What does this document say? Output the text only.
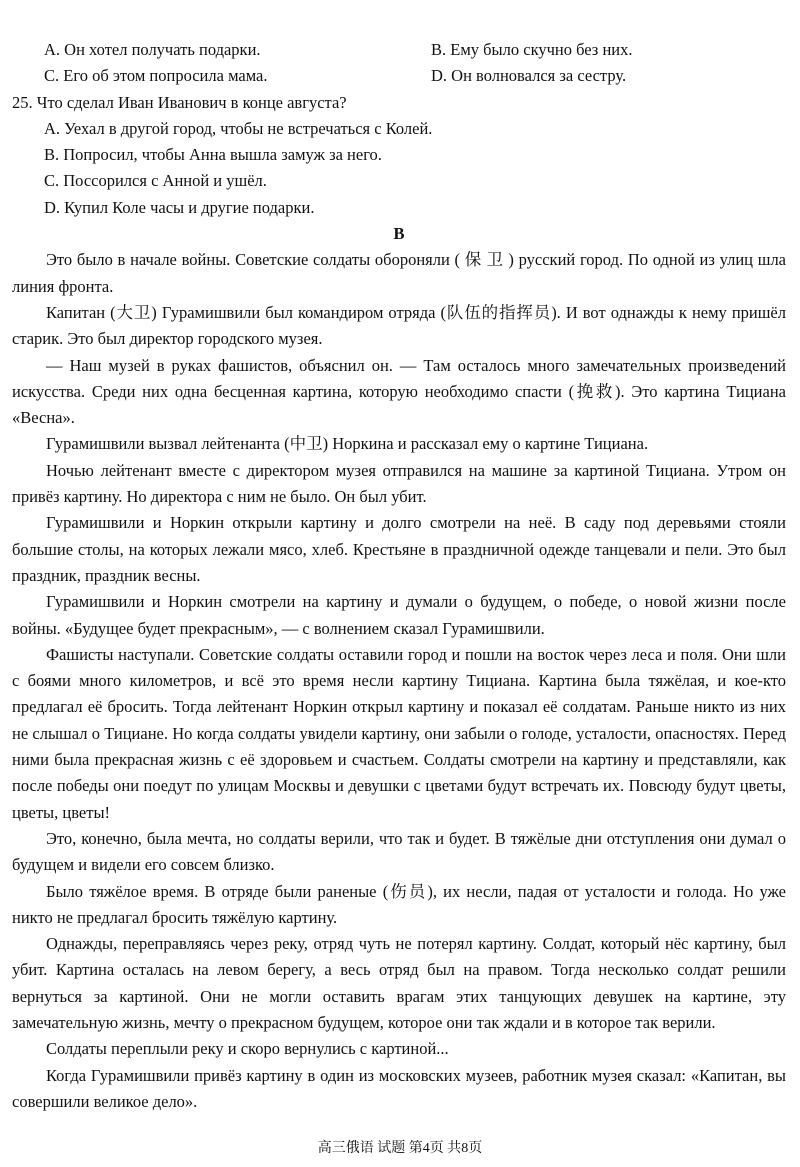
A. Он хотел получать подарки.	B. Ему было скучно без них.
C. Его об этом попросила мама.	D. Он волновался за сестру.
25. Что сделал Иван Иванович в конце августа?
A. Уехал в другой город, чтобы не встречаться с Колей.
B. Попросил, чтобы Анна вышла замуж за него.
C. Поссорился с Анной и ушёл.
D. Купил Коле часы и другие подарки.
B

Это было в начале войны. Советские солдаты обороняли ( 保 卫 ) русский город. По одной из улиц шла линия фронта.

Капитан (大卫) Гурамишвили был командиром отряда (队伍的指挥员). И вот однажды к нему пришёл старик. Это был директор городского музея.

— Наш музей в руках фашистов, объяснил он. — Там осталось много замечательных произведений искусства. Среди них одна бесценная картина, которую необходимо спасти (挽救). Это картина Тициана «Весна».

Гурамишвили вызвал лейтенанта (中卫) Норкина и рассказал ему о картине Тициана.

Ночью лейтенант вместе с директором музея отправился на машине за картиной Тициана. Утром он привёз картину. Но директора с ним не было. Он был убит.

Гурамишвили и Норкин открыли картину и долго смотрели на неё. В саду под деревьями стояли большие столы, на которых лежали мясо, хлеб. Крестьяне в праздничной одежде танцевали и пели. Это был праздник, праздник весны.

Гурамишвили и Норкин смотрели на картину и думали о будущем, о победе, о новой жизни после войны. «Будущее будет прекрасным», — с волнением сказал Гурамишвили.

Фашисты наступали. Советские солдаты оставили город и пошли на восток через леса и поля. Они шли с боями много километров, и всё это время несли картину Тициана. Картина была тяжёлая, и кое-кто предлагал её бросить. Тогда лейтенант Норкин открыл картину и показал её солдатам. Раньше никто из них не слышал о Тициане. Но когда солдаты увидели картину, они забыли о голоде, усталости, опасностях. Перед ними была прекрасная жизнь с её здоровьем и счастьем. Солдаты смотрели на картину и представляли, как после победы они поедут по улицам Москвы и девушки с цветами будут встречать их. Повсюду будут цветы, цветы, цветы!

Это, конечно, была мечта, но солдаты верили, что так и будет. В тяжёлые дни отступления они думал о будущем и видели его совсем близко.

Было тяжёлое время. В отряде были раненые (伤员), их несли, падая от усталости и голода. Но уже никто не предлагал бросить тяжёлую картину.

Однажды, переправляясь через реку, отряд чуть не потерял картину. Солдат, который нёс картину, был убит. Картина осталась на левом берегу, а весь отряд был на правом. Тогда несколько солдат решили вернуться за картиной. Они не могли оставить врагам этих танцующих девушек на картине, эту замечательную жизнь, мечту о прекрасном будущем, которое они так ждали и в которое так верили.

Солдаты переплыли реку и скоро вернулись с картиной...

Когда Гурамишвили привёз картину в один из московских музеев, работник музея сказал: «Капитан, вы совершили великое дело».

高三俄语 试题 第4页 共8页
